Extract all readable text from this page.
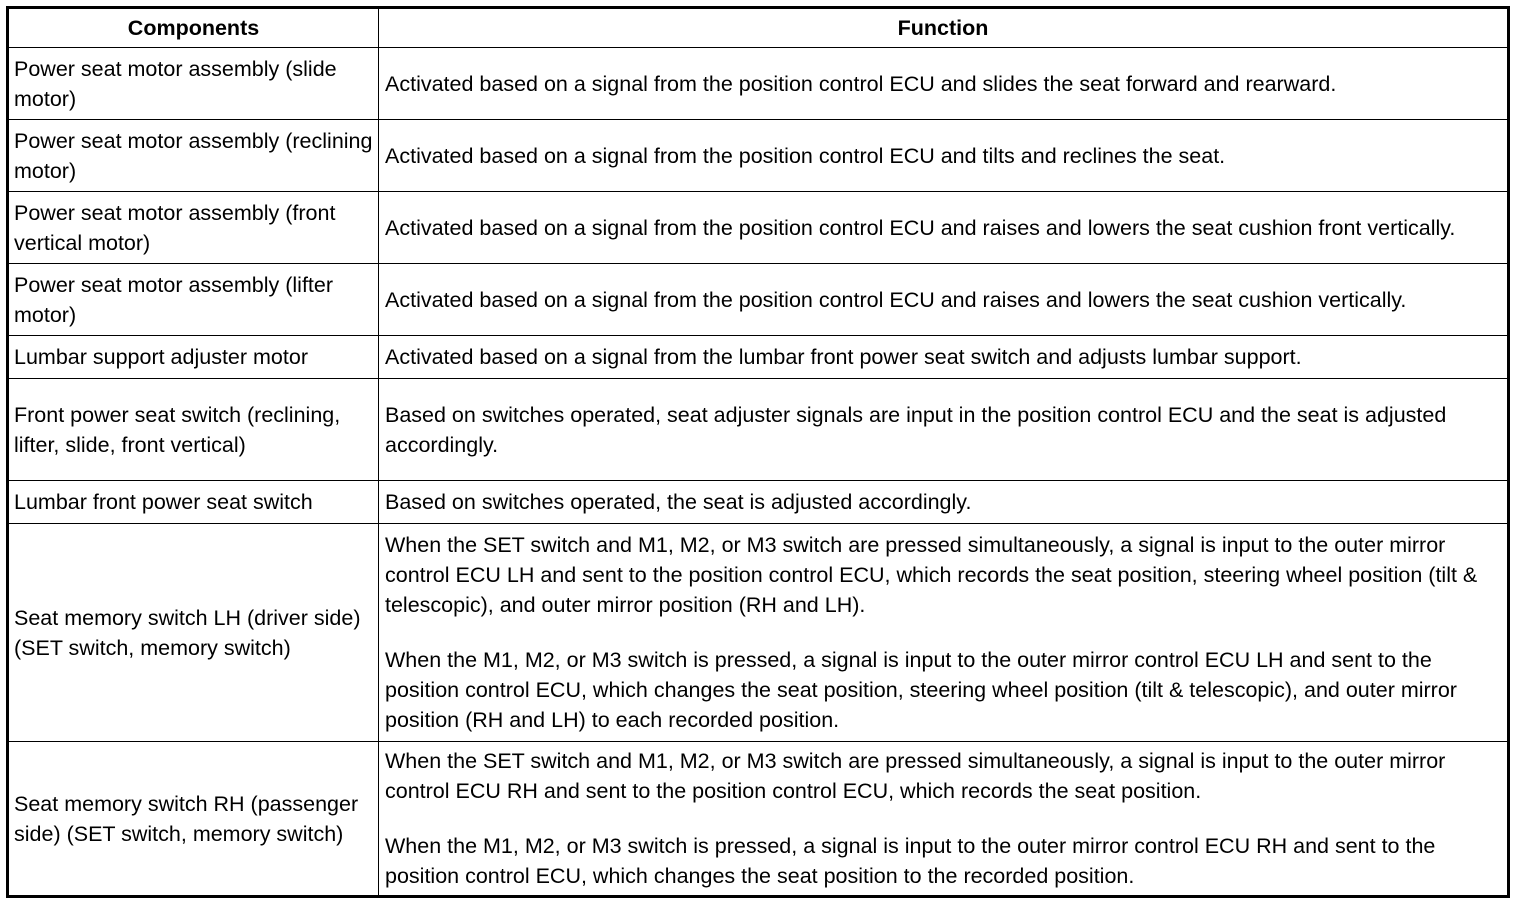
Components	Function
Power seat motor assembly (slide motor)	Activated based on a signal from the position control ECU and slides the seat forward and rearward.

Power seat motor assembly (reclining motor)	Activated based on a signal from the position control ECU and tilts and reclines the seat.

Power seat motor assembly (front vertical motor)	Activated based on a signal from the position control ECU and raises and lowers the seat cushion front vertically.

Power seat motor assembly (lifter motor)	Activated based on a signal from the position control ECU and raises and lowers the seat cushion vertically.

Lumbar support adjuster motor	Activated based on a signal from the lumbar front power seat switch and adjusts lumbar support.

Front power seat switch (reclining, lifter, slide, front vertical)	Based on switches operated, seat adjuster signals are input in the position control ECU and the seat is adjusted accordingly.

Lumbar front power seat switch	Based on switches operated, the seat is adjusted accordingly.

Seat memory switch LH (driver side) (SET switch, memory switch)	When the SET switch and M1, M2, or M3 switch are pressed simultaneously, a signal is input to the outer mirror control ECU LH and sent to the position control ECU, which records the seat position, steering wheel position (tilt & telescopic), and outer mirror position (RH and LH).

When the M1, M2, or M3 switch is pressed, a signal is input to the outer mirror control ECU LH and sent to the position control ECU, which changes the seat position, steering wheel position (tilt & telescopic), and outer mirror position (RH and LH) to each recorded position.

Seat memory switch RH (passenger side) (SET switch, memory switch)	When the SET switch and M1, M2, or M3 switch are pressed simultaneously, a signal is input to the outer mirror control ECU RH and sent to the position control ECU, which records the seat position.

When the M1, M2, or M3 switch is pressed, a signal is input to the outer mirror control ECU RH and sent to the position control ECU, which changes the seat position to the recorded position.
